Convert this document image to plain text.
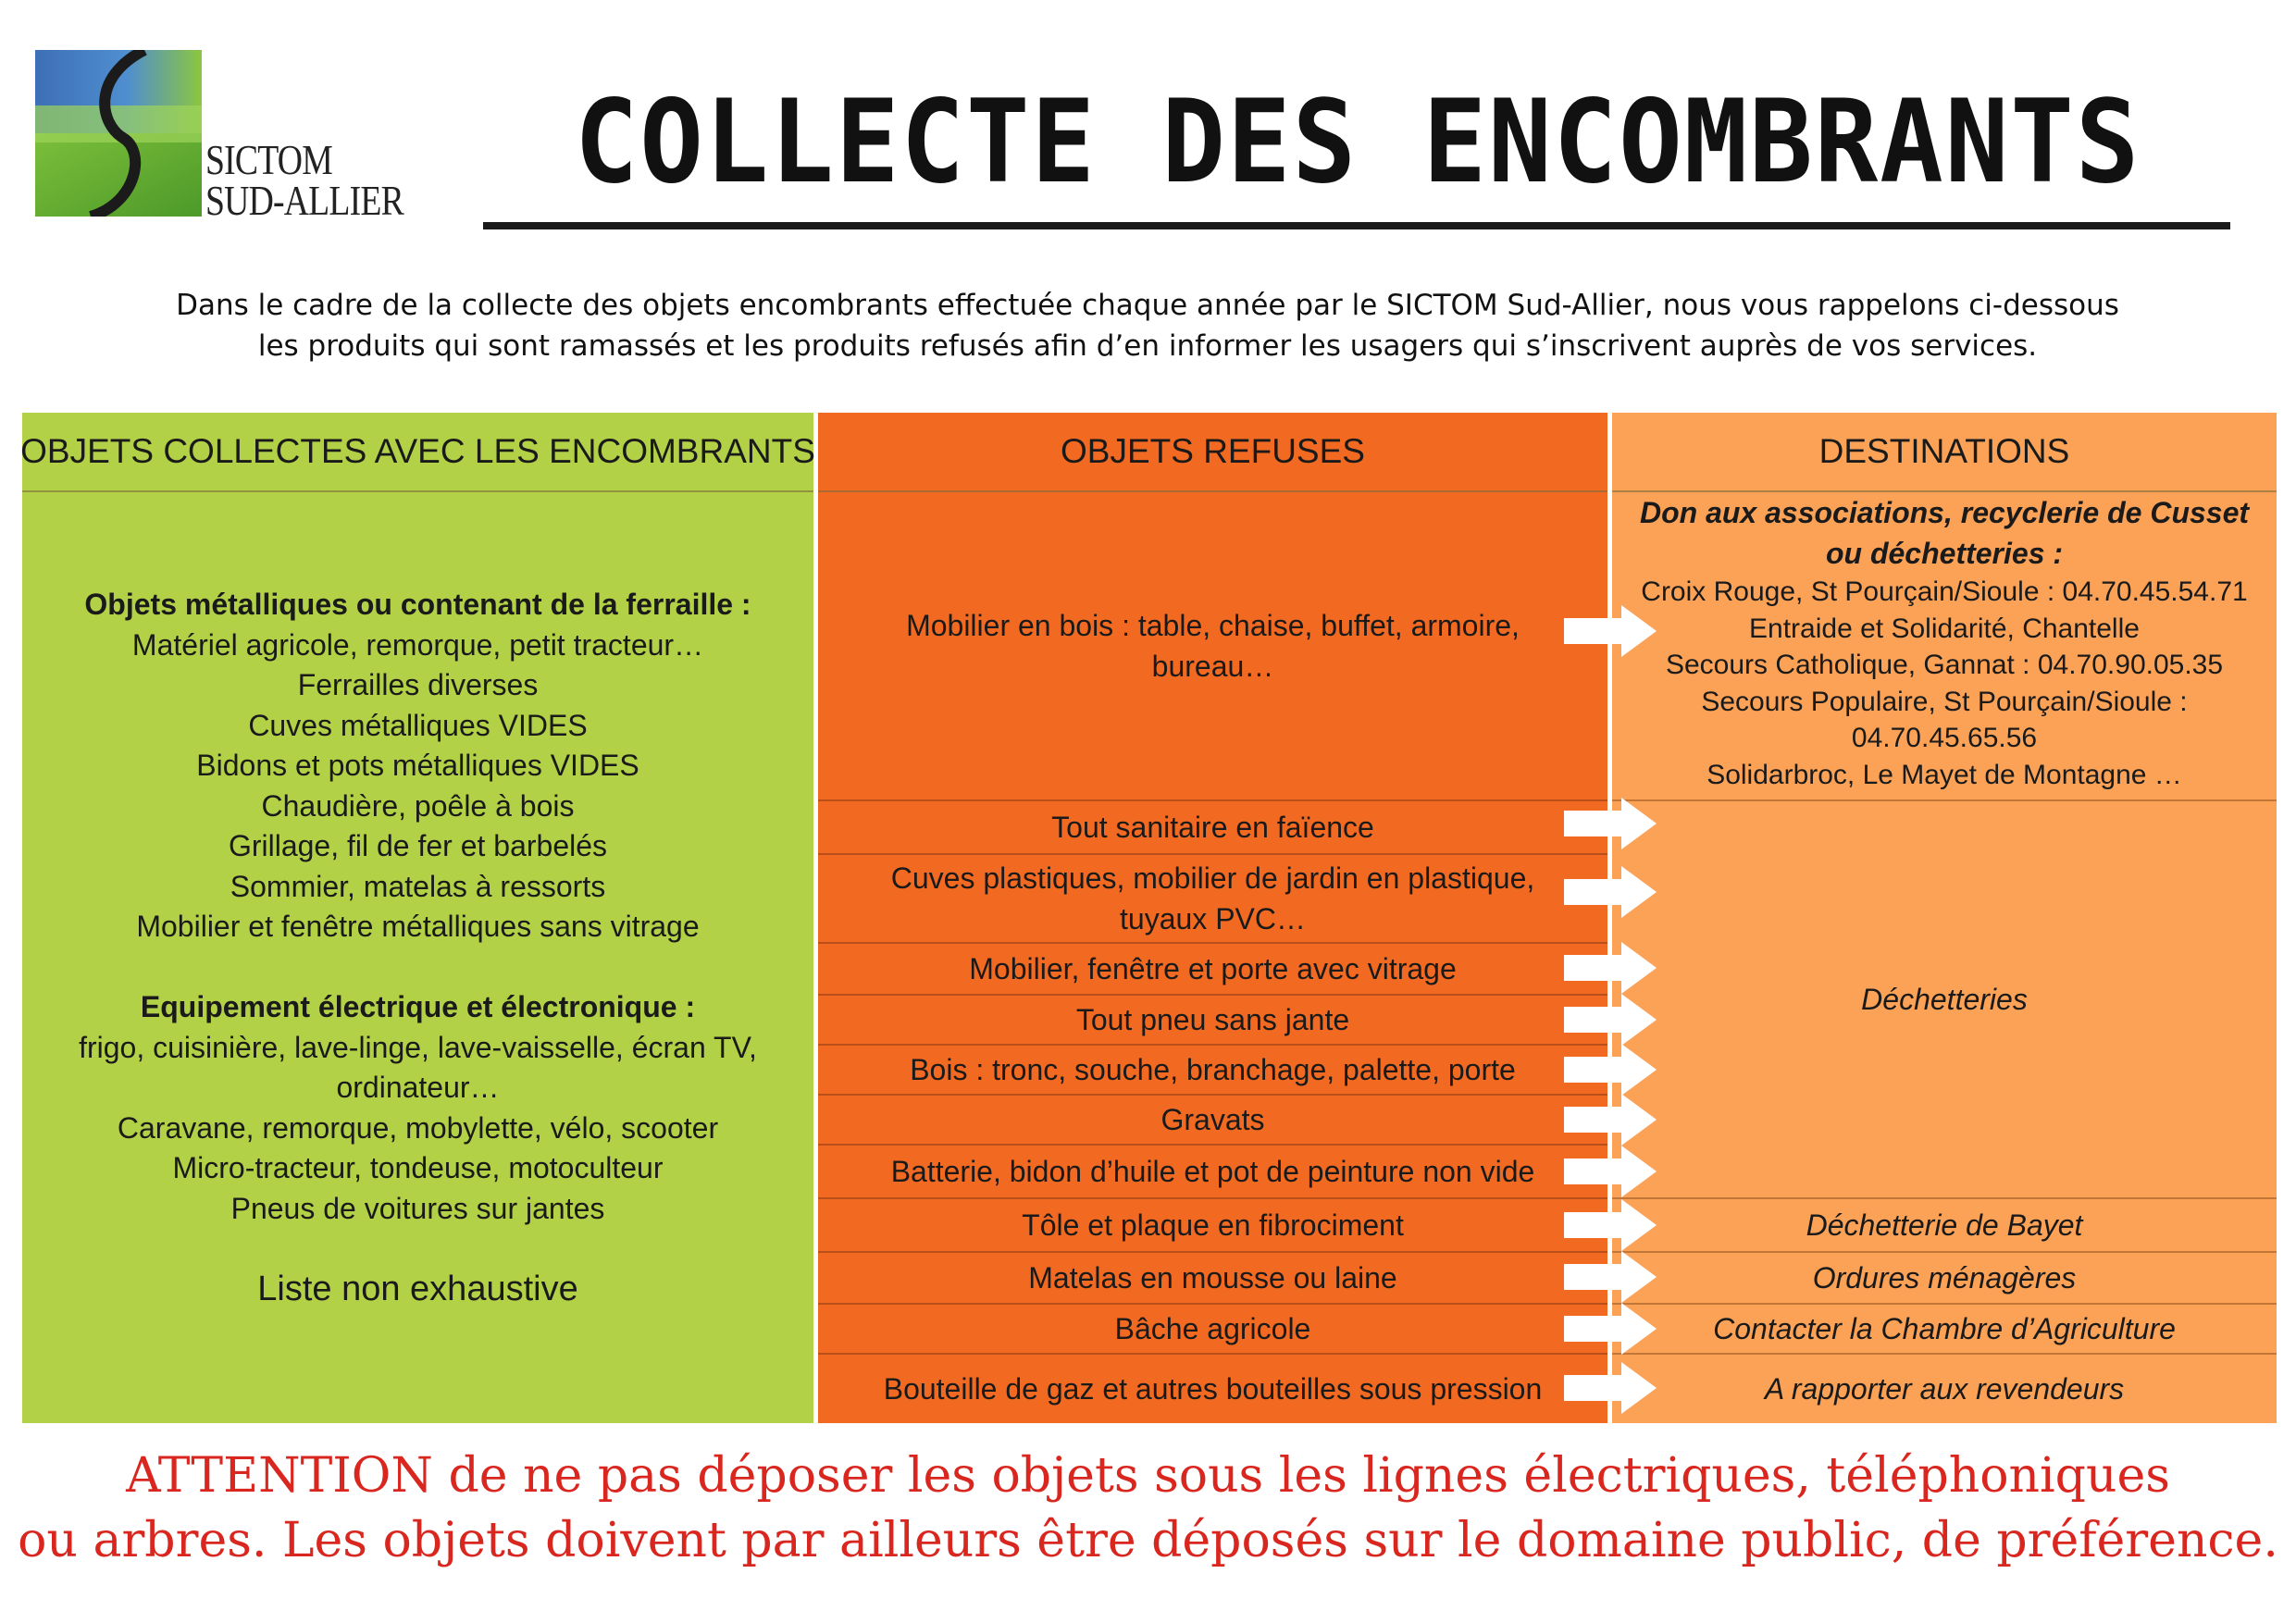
SICTOM
SUD-ALLIER COLLECTE DES ENCOMBRANTS
Dans le cadre de la collecte des objets encombrants effectuée chaque année par le SICTOM Sud-Allier, nous vous rappelons ci-dessous
les produits qui sont ramassés et les produits refusés afin d’en informer les usagers qui s’inscrivent auprès de vos services.
OBJETS COLLECTES AVEC LES ENCOMBRANTS	OBJETS REFUSES	DESTINATIONS
Objets métalliques ou contenant de la ferraille :
Matériel agricole, remorque, petit tracteur…
Ferrailles diverses
Cuves métalliques VIDES
Bidons et pots métalliques VIDES
Chaudière, poêle à bois
Grillage, fil de fer et barbelés
Sommier, matelas à ressorts
Mobilier et fenêtre métalliques sans vitrage
Equipement électrique et électronique :
frigo, cuisinière, lave-linge, lave-vaisselle, écran TV,
ordinateur…
Caravane, remorque, mobylette, vélo, scooter
Micro-tracteur, tondeuse, motoculteur
Pneus de voitures sur jantes
Liste non exhaustive
Mobilier en bois : table, chaise, buffet, armoire,
bureau…
Tout sanitaire en faïence
Cuves plastiques, mobilier de jardin en plastique,
tuyaux PVC…
Mobilier, fenêtre et porte avec vitrage
Tout pneu sans jante
Bois : tronc, souche, branchage, palette, porte
Gravats
Batterie, bidon d’huile et pot de peinture non vide
Tôle et plaque en fibrociment
Matelas en mousse ou laine
Bâche agricole
Bouteille de gaz et autres bouteilles sous pression
Don aux associations, recyclerie de Cusset
ou déchetteries :
Croix Rouge, St Pourçain/Sioule : 04.70.45.54.71
Entraide et Solidarité, Chantelle
Secours Catholique, Gannat : 04.70.90.05.35
Secours Populaire, St Pourçain/Sioule :
04.70.45.65.56
Solidarbroc, Le Mayet de Montagne …
Déchetteries
Déchetterie de Bayet
Ordures ménagères
Contacter la Chambre d’Agriculture
A rapporter aux revendeurs
ATTENTION de ne pas déposer les objets sous les lignes électriques, téléphoniques
ou arbres. Les objets doivent par ailleurs être déposés sur le domaine public, de préférence.
